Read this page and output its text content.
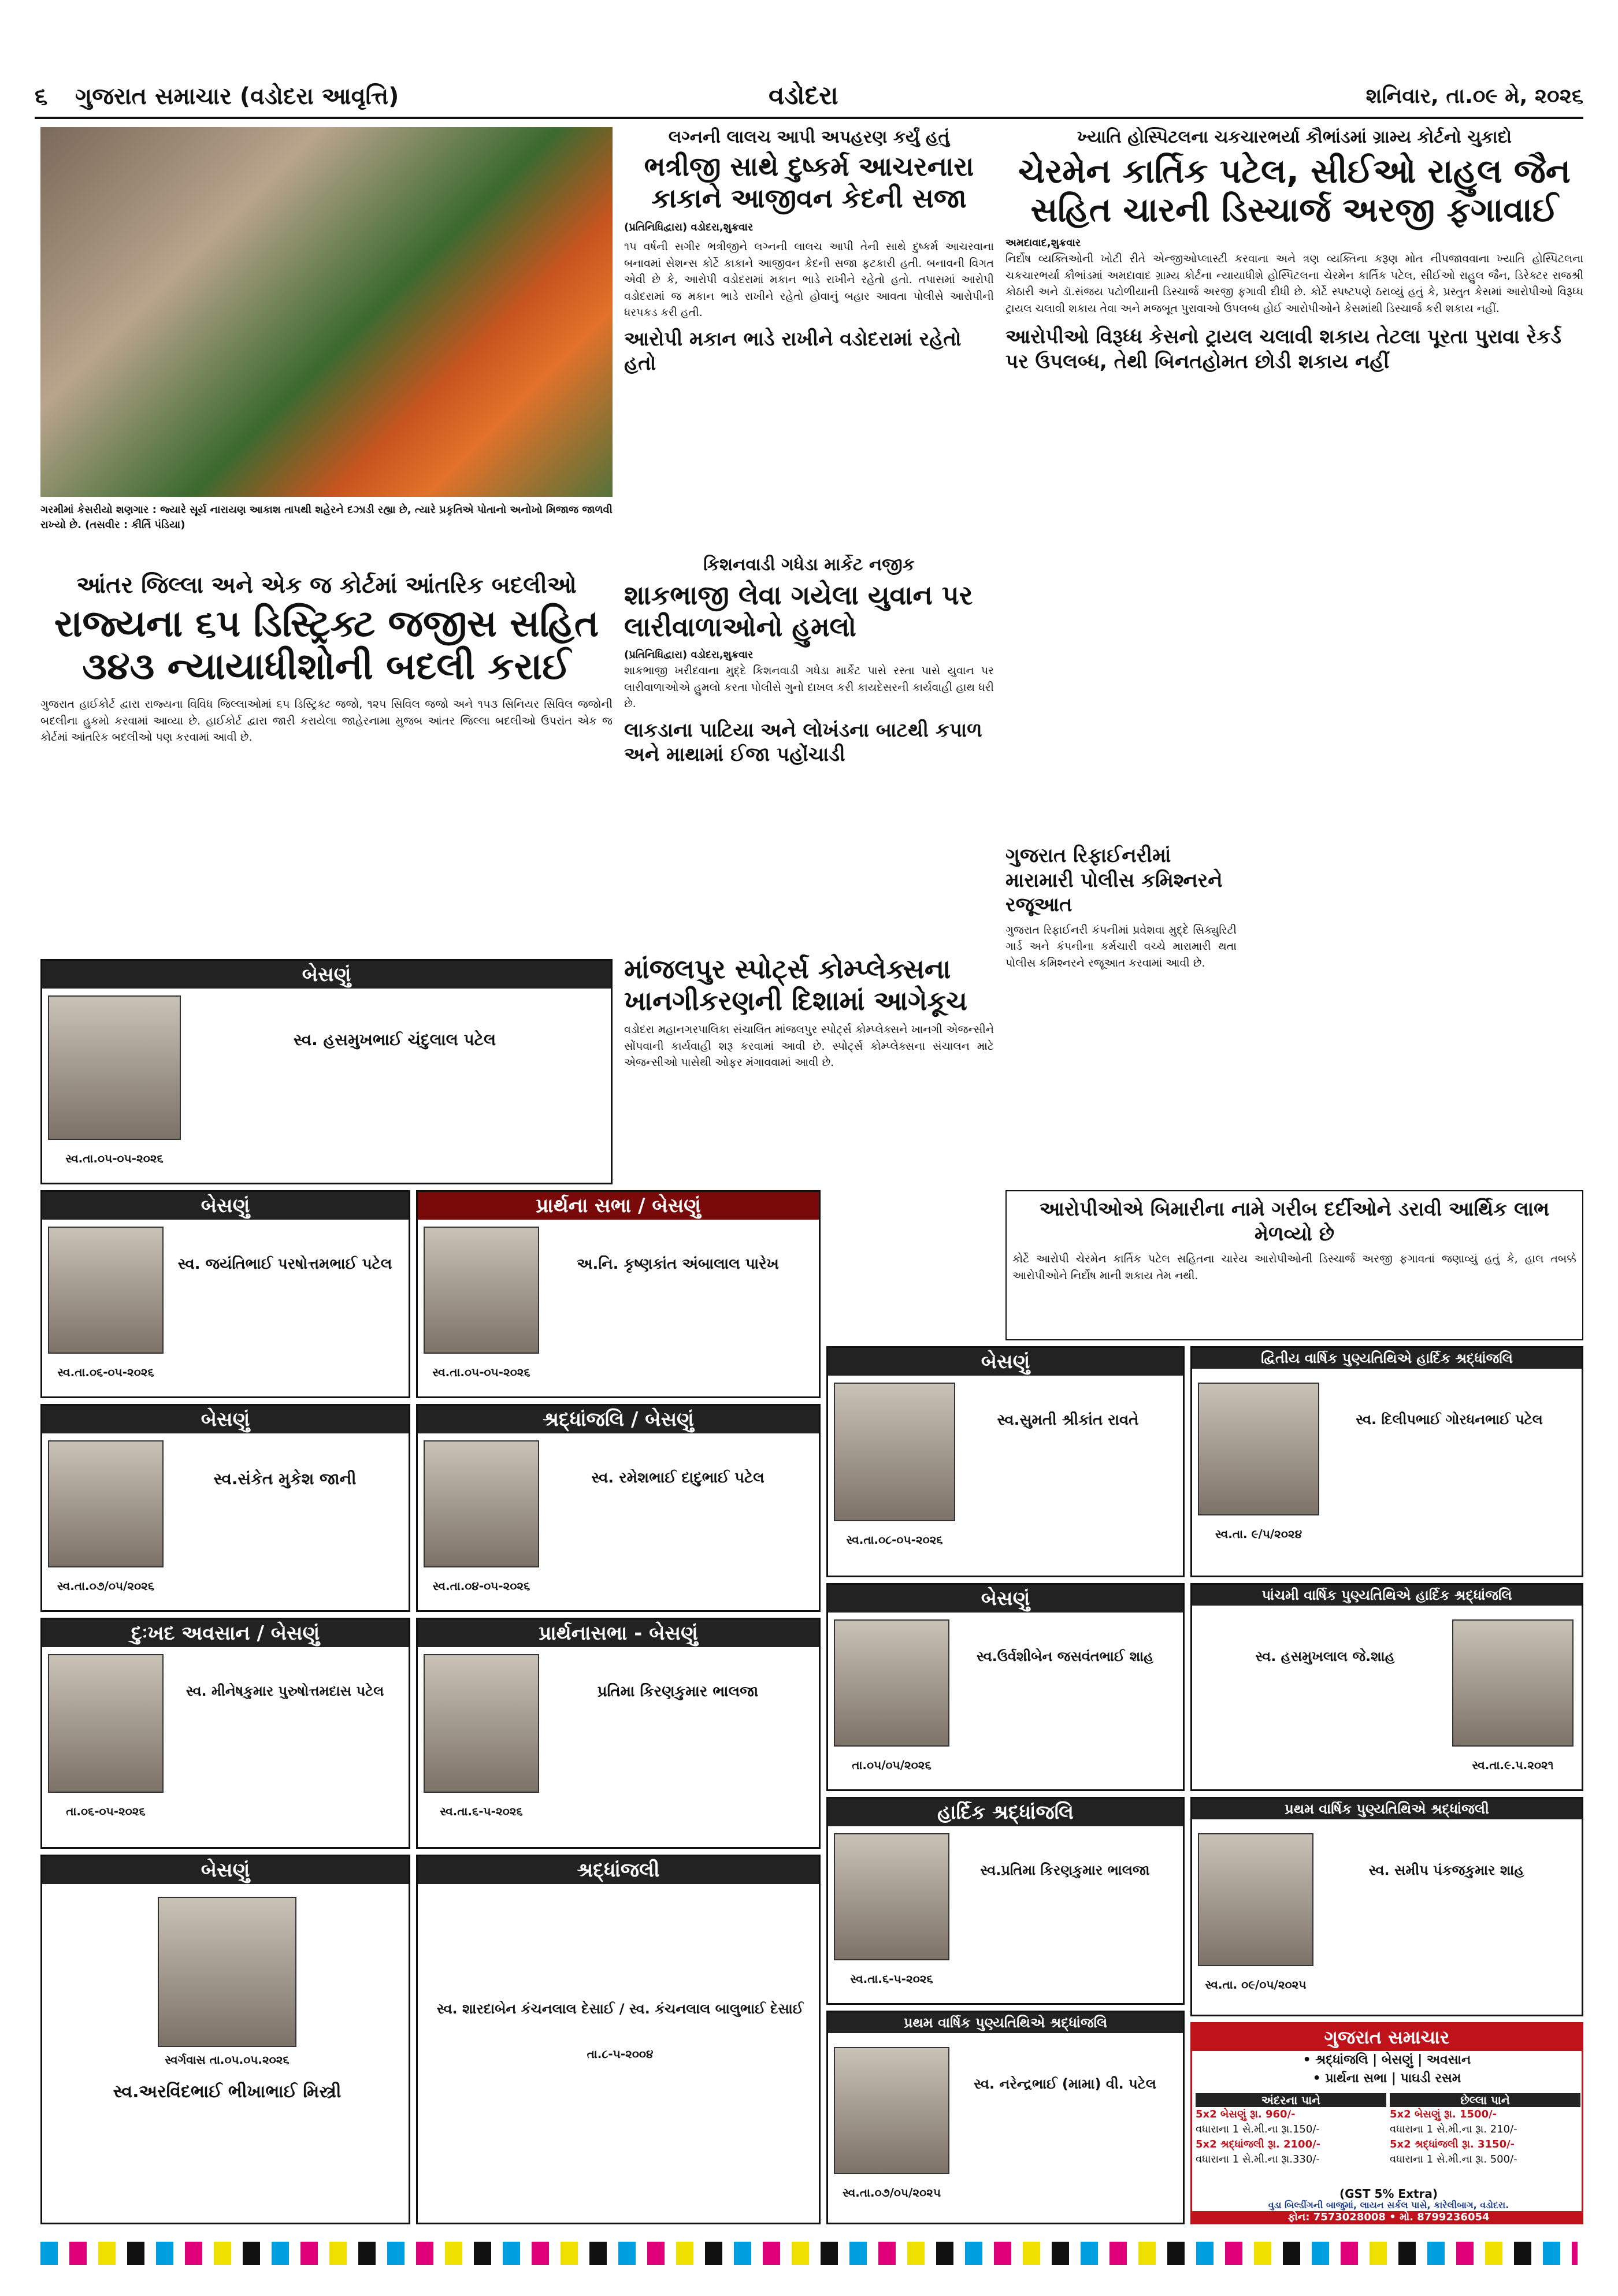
૬ ગુજરાત સમાચાર (વડોદરા આવૃત્તિ)	વડોદરા	શનિવાર, તા.૦૯ મે, ૨૦૨૬
ગરમીમાં કેસરીયો શણગાર : જ્યારે સૂર્ય નારાયણ આકાશ તાપથી શહેરને દઝાડી રહ્યા છે, ત્યારે પ્રકૃતિએ પોતાનો અનોખો મિજાજ જાળવી રાખ્યો છે. (તસવીર : કીર્તિ પંડિયા)
લગ્નની લાલચ આપી અપહરણ કર્યું હતું
ભત્રીજી સાથે દુષ્કર્મ આચરનારા કાકાને આજીવન કેદની સજા
(પ્રતિનિધિદ્વારા) વડોદરા,શુક્રવાર
૧૫ વર્ષની સગીર ભત્રીજીને લગ્નની લાલચ આપી તેની સાથે દુષ્કર્મ આચરવાના બનાવમાં સેશન્સ કોર્ટે કાકાને આજીવન કેદની સજા ફટકારી હતી. બનાવની વિગત એવી છે કે, આરોપી વડોદરામાં મકાન ભાડે રાખીને રહેતો હતો. તપાસમાં આરોપી વડોદરામાં જ મકાન ભાડે રાખીને રહેતો હોવાનું બહાર આવતા પોલીસે આરોપીની ધરપકડ કરી હતી.
આરોપી મકાન ભાડે રાખીને વડોદરામાં રહેતો હતો
ખ્યાતિ હોસ્પિટલના ચકચારભર્યા કૌભાંડમાં ગ્રામ્ય કોર્ટનો ચુકાદો
ચેરમેન કાર્તિક પટેલ, સીઈઓ રાહુલ જૈન સહિત ચારની ડિસ્ચાર્જ અરજી ફગાવાઈ
અમદાવાદ,શુક્રવાર
નિર્દોષ વ્યક્તિઓની ખોટી રીતે એન્જીઓપ્લાસ્ટી કરવાના અને ત્રણ વ્યક્તિના કરૂણ મોત નીપજાવવાના ખ્યાતિ હોસ્પિટલના ચકચારભર્યા કૌભાંડમાં અમદાવાદ ગ્રામ્ય કોર્ટના ન્યાયાધીશે હોસ્પિટલના ચેરમેન કાર્તિક પટેલ, સીઈઓ રાહુલ જૈન, ડિરેક્ટર રાજશ્રી કોઠારી અને ડૉ.સંજય પટોળીયાની ડિસ્ચાર્જ અરજી ફગાવી દીધી છે. કોર્ટે સ્પષ્ટપણે ઠરાવ્યું હતું કે, પ્રસ્તુત કેસમાં આરોપીઓ વિરૂધ્ધ ટ્રાયલ ચલાવી શકાય તેવા અને મજબૂત પુરાવાઓ ઉપલબ્ધ હોઈ આરોપીઓને કેસમાંથી ડિસ્ચાર્જ કરી શકાય નહીં.
આરોપીઓ વિરૂધ્ધ કેસનો ટ્રાયલ ચલાવી શકાય તેટલા પૂરતા પુરાવા રેકર્ડ પર ઉપલબ્ધ, તેથી બિનતહોમત છોડી શકાય નહીં
આંતર જિલ્લા અને એક જ કોર્ટમાં આંતરિક બદલીઓ
રાજ્યના ૬૫ ડિસ્ટ્રિક્ટ જજીસ સહિત ૩૪૩ ન્યાયાધીશોની બદલી કરાઈ
ગુજરાત હાઈકોર્ટ દ્વારા રાજ્યના વિવિધ જિલ્લાઓમાં ૬૫ ડિસ્ટ્રિક્ટ જજો, ૧૨૫ સિવિલ જજો અને ૧૫૩ સિનિયર સિવિલ જજોની બદલીના હુકમો કરવામાં આવ્યા છે. હાઈકોર્ટ દ્વારા જારી કરાયેલા જાહેરનામા મુજબ આંતર જિલ્લા બદલીઓ ઉપરાંત એક જ કોર્ટમાં આંતરિક બદલીઓ પણ કરવામાં આવી છે.
કિશનવાડી ગધેડા માર્કેટ નજીક
શાકભાજી લેવા ગયેલા યુવાન પર લારીવાળાઓનો હુમલો
(પ્રતિનિધિદ્વારા) વડોદરા,શુક્રવાર
શાકભાજી ખરીદવાના મુદ્દે કિશનવાડી ગધેડા માર્કેટ પાસે રસ્તા પાસે યુવાન પર લારીવાળાઓએ હુમલો કરતા પોલીસે ગુનો દાખલ કરી કાયદેસરની કાર્યવાહી હાથ ધરી છે.
લાકડાના પાટિયા અને લોખંડના બાટથી કપાળ અને માથામાં ઈજા પહોંચાડી
ગુજરાત રિફાઈનરીમાં મારામારી પોલીસ કમિશ્નરને રજૂઆત
ગુજરાત રિફાઈનરી કંપનીમાં પ્રવેશવા મુદ્દે સિક્યુરિટી ગાર્ડ અને કંપનીના કર્મચારી વચ્ચે મારામારી થતા પોલીસ કમિશ્નરને રજૂઆત કરવામાં આવી છે.
માંજલપુર સ્પોર્ટ્સ કોમ્પ્લેક્સના ખાનગીકરણની દિશામાં આગેકૂચ
વડોદરા મહાનગરપાલિકા સંચાલિત માંજલપુર સ્પોર્ટ્સ કોમ્પ્લેક્સને ખાનગી એજન્સીને સોંપવાની કાર્યવાહી શરૂ કરવામાં આવી છે. સ્પોર્ટ્સ કોમ્પ્લેક્સના સંચાલન માટે એજન્સીઓ પાસેથી ઓફર મંગાવવામાં આવી છે.
આરોપીઓએ બિમારીના નામે ગરીબ દર્દીઓને ડરાવી આર્થિક લાભ મેળવ્યો છે
કોર્ટે આરોપી ચેરમેન કાર્તિક પટેલ સહિતના ચારેય આરોપીઓની ડિસ્ચાર્જ અરજી ફગાવતાં જણાવ્યું હતું કે, હાલ તબક્કે આરોપીઓને નિર્દોષ માની શકાય તેમ નથી.
બેસણું
સ્વ. હસમુખભાઈ ચંદુલાલ પટેલ
સ્વ.તા.૦૫-૦૫-૨૦૨૬
બેસણું
સ્વ. જયંતિભાઈ પરષોત્તમભાઈ પટેલ
સ્વ.તા.૦૬-૦૫-૨૦૨૬
પ્રાર્થના સભા / બેસણું
અ.નિ. કૃષ્ણકાંત અંબાલાલ પારેખ
સ્વ.તા.૦૫-૦૫-૨૦૨૬	બેસણું
સ્વ.સુમતી શ્રીકાંત રાવતે
સ્વ.તા.૦૮-૦૫-૨૦૨૬
દ્વિતીય વાર્ષિક પુણ્યતિથિએ હાર્દિક શ્રદ્ધાંજલિ
સ્વ. દિલીપભાઈ ગોરધનભાઈ પટેલ
સ્વ.તા. ૯/૫/૨૦૨૪
બેસણું
સ્વ.સંકેત મુકેશ જાની
સ્વ.તા.૦૭/૦૫/૨૦૨૬
શ્રદ્ધાંજલિ / બેસણું
સ્વ. રમેશભાઈ દાદુભાઈ પટેલ
સ્વ.તા.૦૪-૦૫-૨૦૨૬
બેસણું
સ્વ.ઉર્વશીબેન જસવંતભાઈ શાહ
તા.૦૫/૦૫/૨૦૨૬
પાંચમી વાર્ષિક પુણ્યતિથિએ હાર્દિક શ્રદ્ધાંજલિ
સ્વ. હસમુખલાલ જે.શાહ
સ્વ.તા.૯.૫.૨૦૨૧
દુઃખદ અવસાન / બેસણું
સ્વ. મીનેષકુમાર પુરુષોત્તમદાસ પટેલ
તા.૦૬-૦૫-૨૦૨૬
પ્રાર્થનાસભા - બેસણું
પ્રતિમા કિરણકુમાર ભાલજા
સ્વ.તા.૬-૫-૨૦૨૬	પ્રથમ વાર્ષિક પુણ્યતિથિએ શ્રદ્ધાંજલી
સ્વ. સમીપ પંકજકુમાર શાહ
સ્વ.તા. ૦૯/૦૫/૨૦૨૫
હાર્દિક શ્રદ્ધાંજલિ
સ્વ.પ્રતિમા કિરણકુમાર ભાલજા
સ્વ.તા.૬-૫-૨૦૨૬
બેસણું
સ્વર્ગવાસ તા.૦૫.૦૫.૨૦૨૬
સ્વ.અરવિંદભાઈ ભીખાભાઈ મિસ્ત્રી
શ્રદ્ધાંજલી
સ્વ. શારદાબેન કંચનલાલ દેસાઈ / સ્વ. કંચનલાલ બાલુભાઈ દેસાઈ
તા.૮-૫-૨૦૦૪
પ્રથમ વાર્ષિક પુણ્યતિથિએ શ્રદ્ધાંજલિ
સ્વ. નરેન્દ્રભાઈ (મામા) વી. પટેલ
સ્વ.તા.૦૭/૦૫/૨૦૨૫
ગુજરાત સમાચાર
• શ્રદ્ધાંજલિ | બેસણું | અવસાન
• પ્રાર્થના સભા | પાઘડી રસમ
અંદરના પાને
5x2 બેસણું રૂા. 960/-
વધારાના 1 સે.મી.ના રૂા.150/-
5x2 શ્રદ્ધાંજલી રૂા. 2100/-
વધારાના 1 સે.મી.ના રૂા.330/-
છેલ્લા પાને
5x2 બેસણું રૂા. 1500/-
વધારાના 1 સે.મી.ના રૂા. 210/-
5x2 શ્રદ્ધાંજલી રૂા. 3150/-
વધારાના 1 સે.મી.ના રૂા. 500/-
(GST 5% Extra)
વુડા બિલ્ડીંગની બાજુમાં, લાયન સર્કલ પાસે, કારેલીબાગ, વડોદરા.
ફોન: 7573028008 • મો. 8799236054
